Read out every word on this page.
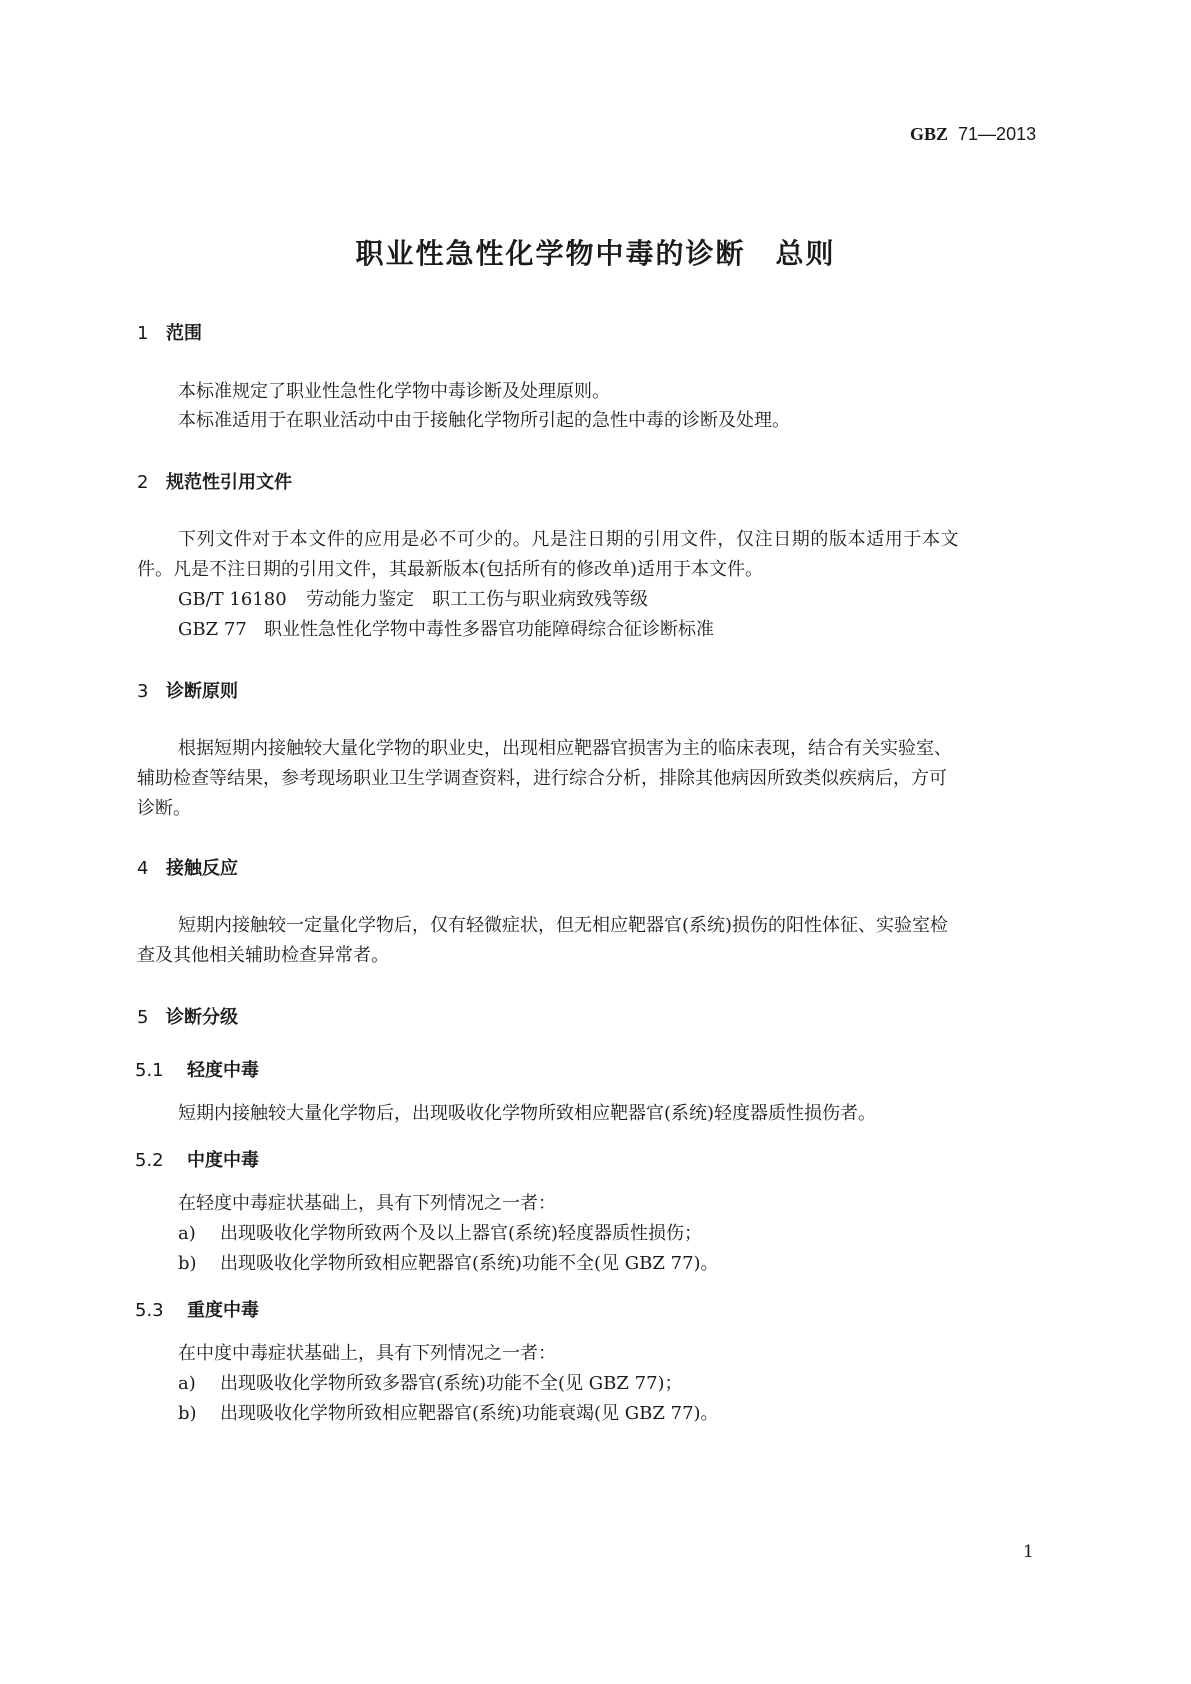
GBZ 71—2013
职业性急性化学物中毒的诊断　总则
1 范围
本标准规定了职业性急性化学物中毒诊断及处理原则。
本标准适用于在职业活动中由于接触化学物所引起的急性中毒的诊断及处理。
2 规范性引用文件
下列文件对于本文件的应用是必不可少的。凡是注日期的引用文件，仅注日期的版本适用于本文
件。凡是不注日期的引用文件，其最新版本(包括所有的修改单)适用于本文件。
GB/T 16180 劳动能力鉴定　职工工伤与职业病致残等级
GBZ 77 职业性急性化学物中毒性多器官功能障碍综合征诊断标准
3 诊断原则
根据短期内接触较大量化学物的职业史，出现相应靶器官损害为主的临床表现，结合有关实验室、
辅助检查等结果，参考现场职业卫生学调查资料，进行综合分析，排除其他病因所致类似疾病后，方可
诊断。
4 接触反应
短期内接触较一定量化学物后，仅有轻微症状，但无相应靶器官(系统)损伤的阳性体征、实验室检
查及其他相关辅助检查异常者。
5 诊断分级
5.1 轻度中毒
短期内接触较大量化学物后，出现吸收化学物所致相应靶器官(系统)轻度器质性损伤者。
5.2 中度中毒
在轻度中毒症状基础上，具有下列情况之一者：
a) 出现吸收化学物所致两个及以上器官(系统)轻度器质性损伤；
b) 出现吸收化学物所致相应靶器官(系统)功能不全(见 GBZ 77)。
5.3 重度中毒
在中度中毒症状基础上，具有下列情况之一者：
a) 出现吸收化学物所致多器官(系统)功能不全(见 GBZ 77)；
b) 出现吸收化学物所致相应靶器官(系统)功能衰竭(见 GBZ 77)。
1
